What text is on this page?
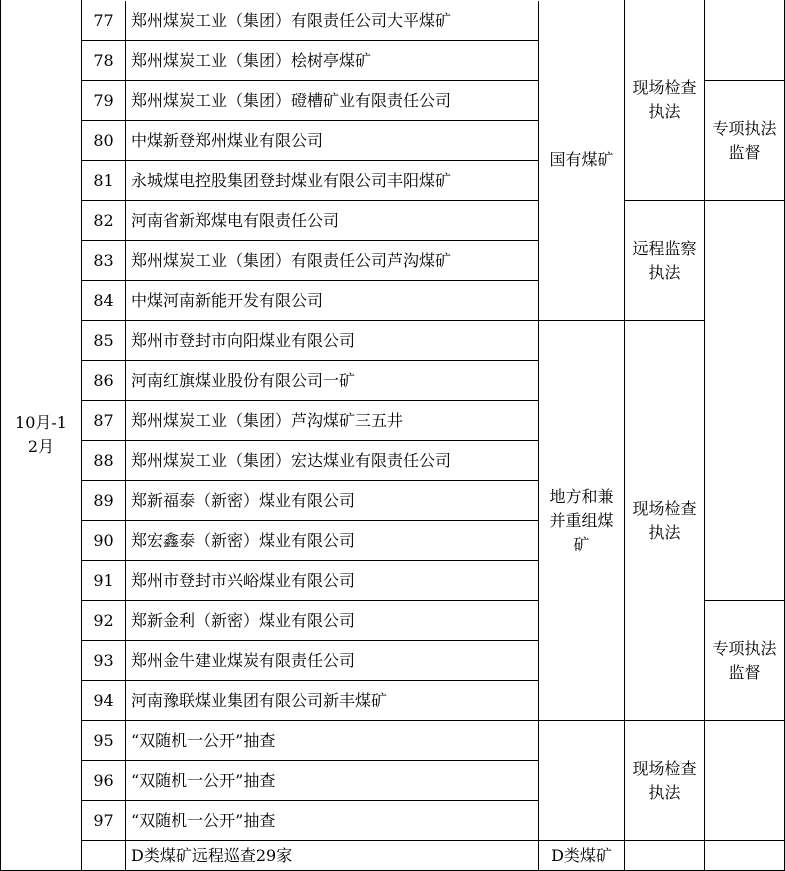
10月-12月
国有煤矿
地方和兼并重组煤矿
D类煤矿
现场检查执法
远程监察执法
现场检查执法
现场检查执法
专项执法监督
专项执法监督
D类煤矿远程巡查29家
77 郑州煤炭工业（集团）有限责任公司大平煤矿
78 郑州煤炭工业（集团）桧树亭煤矿
79 郑州煤炭工业（集团）磴槽矿业有限责任公司
80 中煤新登郑州煤业有限公司
81 永城煤电控股集团登封煤业有限公司丰阳煤矿
82 河南省新郑煤电有限责任公司
83 郑州煤炭工业（集团）有限责任公司芦沟煤矿
84 中煤河南新能开发有限公司
85 郑州市登封市向阳煤业有限公司
86 河南红旗煤业股份有限公司一矿
87 郑州煤炭工业（集团）芦沟煤矿三五井
88 郑州煤炭工业（集团）宏达煤业有限责任公司
89 郑新福泰（新密）煤业有限公司
90 郑宏鑫泰（新密）煤业有限公司
91 郑州市登封市兴峪煤业有限公司
92 郑新金利（新密）煤业有限公司
93 郑州金牛建业煤炭有限责任公司
94 河南豫联煤业集团有限公司新丰煤矿
95 “双随机一公开”抽查
96 “双随机一公开”抽查
97 “双随机一公开”抽查
